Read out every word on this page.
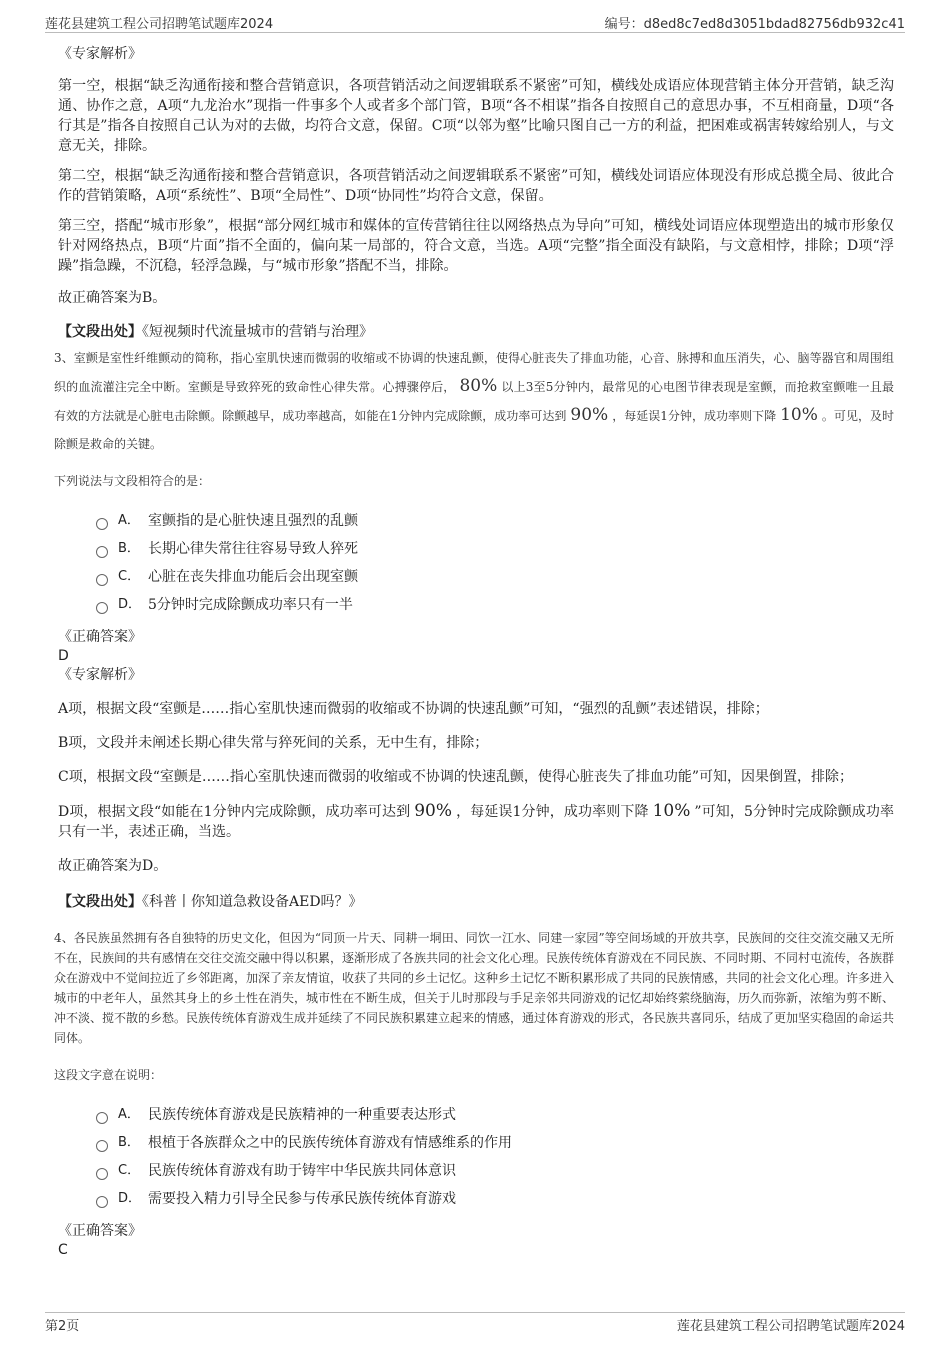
莲花县建筑工程公司招聘笔试题库2024	编号：d8ed8c7ed8d3051bdad82756db932c41

《专家解析》

第一空，根据“缺乏沟通衔接和整合营销意识，各项营销活动之间逻辑联系不紧密”可知，横线处成语应体现营销主体分开营销，缺乏沟通、协作之意，A项“九龙治水”现指一件事多个人或者多个部门管，B项“各不相谋”指各自按照自己的意思办事，不互相商量，D项“各行其是”指各自按照自己认为对的去做，均符合文意，保留。C项“以邻为壑”比喻只图自己一方的利益，把困难或祸害转嫁给别人，与文意无关，排除。

第二空，根据“缺乏沟通衔接和整合营销意识，各项营销活动之间逻辑联系不紧密”可知，横线处词语应体现没有形成总揽全局、彼此合作的营销策略，A项“系统性”、B项“全局性”、D项“协同性”均符合文意，保留。

第三空，搭配“城市形象”，根据“部分网红城市和媒体的宣传营销往往以网络热点为导向”可知，横线处词语应体现塑造出的城市形象仅针对网络热点，B项“片面”指不全面的，偏向某一局部的，符合文意，当选。A项“完整”指全面没有缺陷，与文意相悖，排除；D项“浮躁”指急躁，不沉稳，轻浮急躁，与“城市形象”搭配不当，排除。

故正确答案为B。

【文段出处】《短视频时代流量城市的营销与治理》

3、室颤是室性纤维颤动的简称，指心室肌快速而微弱的收缩或不协调的快速乱颤，使得心脏丧失了排血功能，心音、脉搏和血压消失，心、脑等器官和周围组织的血流灌注完全中断。室颤是导致猝死的致命性心律失常。心搏骤停后， 80% 以上3至5分钟内，最常见的心电图节律表现是室颤，而抢救室颤唯一且最有效的方法就是心脏电击除颤。除颤越早，成功率越高，如能在1分钟内完成除颤，成功率可达到 90% ，每延误1分钟，成功率则下降 10% 。可见，及时除颤是救命的关键。

下列说法与文段相符合的是：

A． 室颤指的是心脏快速且强烈的乱颤
B． 长期心律失常往往容易导致人猝死
C． 心脏在丧失排血功能后会出现室颤
D． 5分钟时完成除颤成功率只有一半

《正确答案》

D

《专家解析》

A项，根据文段“室颤是……指心室肌快速而微弱的收缩或不协调的快速乱颤”可知，“强烈的乱颤”表述错误，排除；

B项，文段并未阐述长期心律失常与猝死间的关系，无中生有，排除；

C项，根据文段“室颤是……指心室肌快速而微弱的收缩或不协调的快速乱颤，使得心脏丧失了排血功能”可知，因果倒置，排除；

D项，根据文段“如能在1分钟内完成除颤，成功率可达到 90% ，每延误1分钟，成功率则下降 10% ”可知，5分钟时完成除颤成功率只有一半，表述正确，当选。

故正确答案为D。

【文段出处】《科普丨你知道急救设备AED吗？》

4、各民族虽然拥有各自独特的历史文化，但因为“同顶一片天、同耕一垌田、同饮一江水、同建一家园”等空间场域的开放共享，民族间的交往交流交融又无所不在，民族间的共有感情在交往交流交融中得以积累，逐渐形成了各族共同的社会文化心理。民族传统体育游戏在不同民族、不同时期、不同村屯流传，各族群众在游戏中不觉间拉近了乡邻距离，加深了亲友情谊，收获了共同的乡土记忆。这种乡土记忆不断积累形成了共同的民族情感，共同的社会文化心理。许多进入城市的中老年人，虽然其身上的乡土性在消失，城市性在不断生成，但关于儿时那段与手足亲邻共同游戏的记忆却始终萦绕脑海，历久而弥新，浓缩为剪不断、冲不淡、搅不散的乡愁。民族传统体育游戏生成并延续了不同民族积累建立起来的情感，通过体育游戏的形式，各民族共喜同乐，结成了更加坚实稳固的命运共同体。

这段文字意在说明：

A． 民族传统体育游戏是民族精神的一种重要表达形式
B． 根植于各族群众之中的民族传统体育游戏有情感维系的作用
C． 民族传统体育游戏有助于铸牢中华民族共同体意识
D． 需要投入精力引导全民参与传承民族传统体育游戏

《正确答案》

C

第2页	莲花县建筑工程公司招聘笔试题库2024
